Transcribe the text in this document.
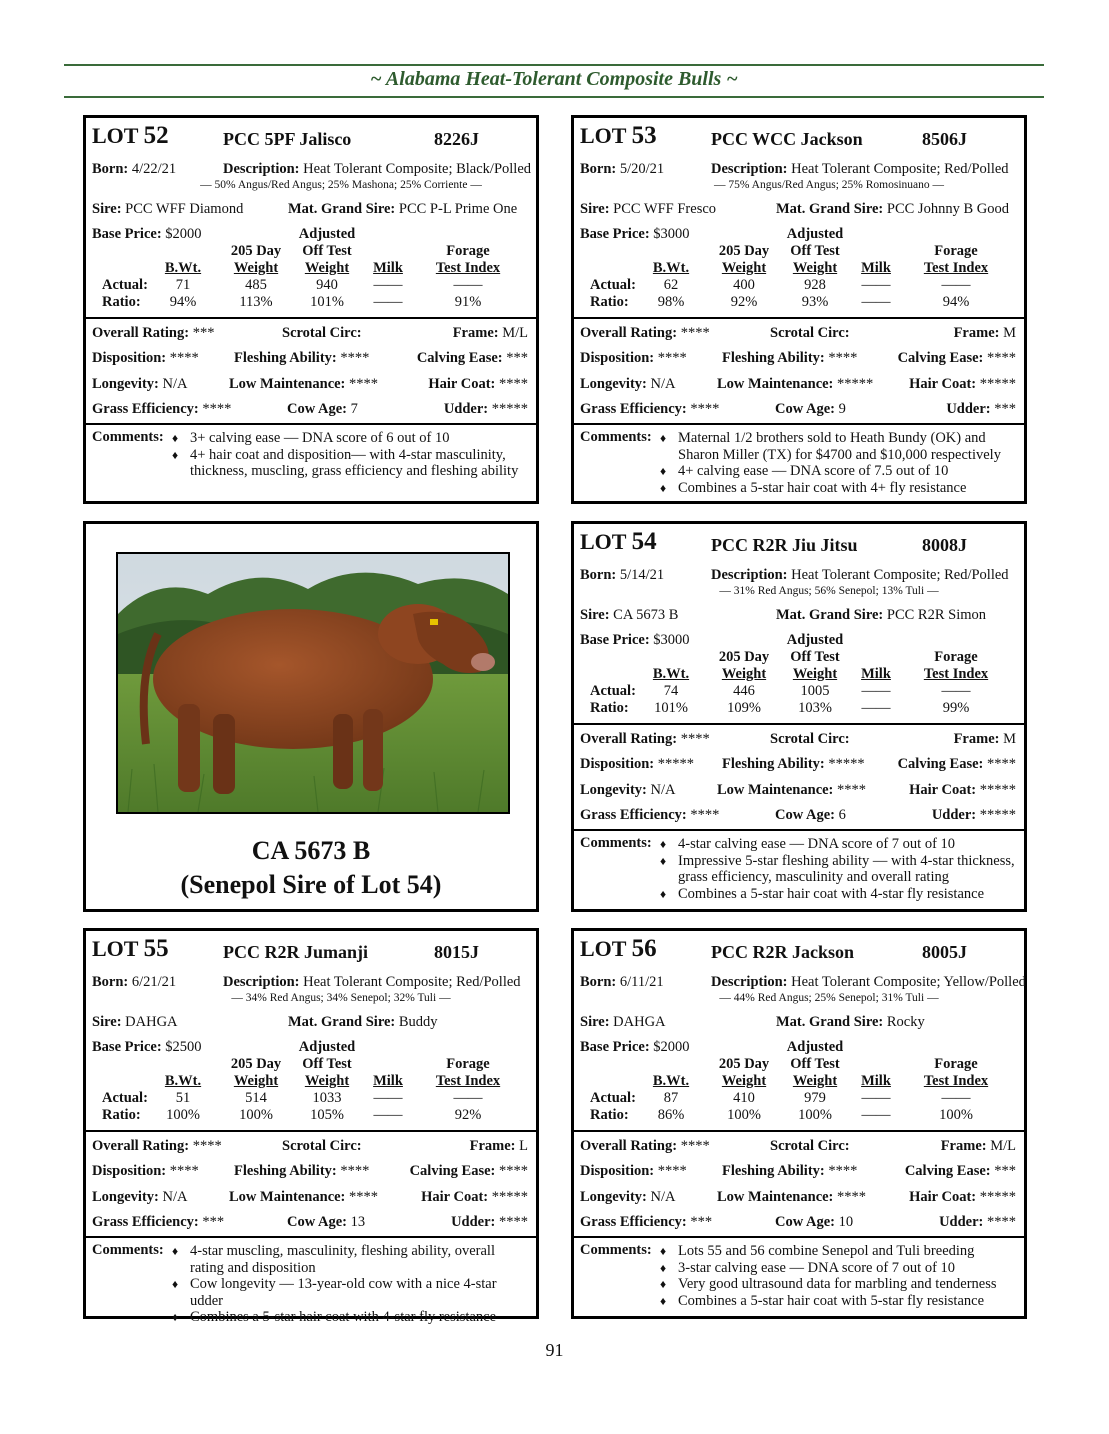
~ Alabama Heat-Tolerant Composite Bulls ~
LOT 52	PCC 5PF Jalisco	8226J
Born: 4/22/21	Description: Heat Tolerant Composite; Black/Polled
— 50% Angus/Red Angus; 25% Mashona; 25% Corriente —
Sire: PCC WFF Diamond	Mat. Grand Sire: PCC P-L Prime One
Base Price: $2000	Adjusted
205 Day	Off Test	Forage
B.Wt.	Weight	Weight	Milk	Test Index
Actual:	71	485	940	——	——
Ratio:	94%	113%	101%	——	91%
Overall Rating: ***	Scrotal Circ:	Frame: M/L
Disposition: **** Fleshing Ability: ****	Calving Ease: ***
Longevity: N/A	Low Maintenance: ****	Hair Coat: ****
Grass Efficiency: ****	Cow Age: 7	Udder: *****
Comments: ♦ 3+ calving ease — DNA score of 6 out of 10
♦ 4+ hair coat and disposition— with 4-star masculinity, thickness, muscling, grass efficiency and fleshing ability
LOT 53	PCC WCC Jackson	8506J
Born: 5/20/21	Description: Heat Tolerant Composite; Red/Polled
— 75% Angus/Red Angus; 25% Romosinuano —
Sire: PCC WFF Fresco	Mat. Grand Sire: PCC Johnny B Good
Base Price: $3000	Adjusted
205 Day	Off Test	Forage
B.Wt.	Weight	Weight	Milk	Test Index
Actual:	62	400	928	——	——
Ratio:	98%	92%	93%	——	94%
Overall Rating: ****	Scrotal Circ:	Frame: M
Disposition: **** Fleshing Ability: ****	Calving Ease: ****
Longevity: N/A	Low Maintenance: ***** Hair Coat: *****
Grass Efficiency: ****	Cow Age: 9	Udder: ***
Comments: ♦ Maternal 1/2 brothers sold to Heath Bundy (OK) and Sharon Miller (TX) for $4700 and $10,000 respectively
♦ 4+ calving ease — DNA score of 7.5 out of 10
♦ Combines a 5-star hair coat with 4+ fly resistance
LOT 54	PCC R2R Jiu Jitsu	8008J
Born: 5/14/21	Description: Heat Tolerant Composite; Red/Polled
— 31% Red Angus; 56% Senepol; 13% Tuli —
Sire: CA 5673 B	Mat. Grand Sire: PCC R2R Simon
Base Price: $3000	Adjusted
205 Day	Off Test	Forage
B.Wt.	Weight	Weight	Milk	Test Index
Actual:	74	446	1005	——	——
Ratio:	101%	109%	103%	——	99%
Overall Rating: ****	Scrotal Circ:	Frame: M
Disposition: ***** Fleshing Ability: ***** Calving Ease: ****
Longevity: N/A	Low Maintenance: ****	Hair Coat: *****
Grass Efficiency: ****	Cow Age: 6	Udder: *****
Comments: ♦ 4-star calving ease — DNA score of 7 out of 10
♦ Impressive 5-star fleshing ability — with 4-star thickness, grass efficiency, masculinity and overall rating
♦ Combines a 5-star hair coat with 4-star fly resistance
LOT 55	PCC R2R Jumanji	8015J
Born: 6/21/21	Description: Heat Tolerant Composite; Red/Polled
— 34% Red Angus; 34% Senepol; 32% Tuli —
Sire: DAHGA	Mat. Grand Sire: Buddy
Base Price: $2500	Adjusted
205 Day	Off Test	Forage
B.Wt.	Weight	Weight	Milk	Test Index
Actual:	51	514	1033	——	——
Ratio:	100%	100%	105%	——	92%
Overall Rating: ****	Scrotal Circ:	Frame: L
Disposition: **** Fleshing Ability: ****	Calving Ease: ****
Longevity: N/A	Low Maintenance: ****	Hair Coat: *****
Grass Efficiency: ***	Cow Age: 13	Udder: ****
Comments: ♦ 4-star muscling, masculinity, fleshing ability, overall rating and disposition
♦ Cow longevity — 13-year-old cow with a nice 4-star udder
♦ Combines a 5-star hair coat with 4-star fly resistance
LOT 56	PCC R2R Jackson	8005J
Born: 6/11/21	Description: Heat Tolerant Composite; Yellow/Polled
— 44% Red Angus; 25% Senepol; 31% Tuli —
Sire: DAHGA	Mat. Grand Sire: Rocky
Base Price: $2000	Adjusted
205 Day	Off Test	Forage
B.Wt.	Weight	Weight	Milk	Test Index
Actual:	87	410	979	——	——
Ratio:	86%	100%	100%	——	100%
Overall Rating: ****	Scrotal Circ:	Frame: M/L
Disposition: **** Fleshing Ability: ****	Calving Ease: ***
Longevity: N/A	Low Maintenance: ****	Hair Coat: *****
Grass Efficiency: ***	Cow Age: 10	Udder: ****
Comments: ♦ Lots 55 and 56 combine Senepol and Tuli breeding
♦ 3-star calving ease — DNA score of 7 out of 10
♦ Very good ultrasound data for marbling and tenderness
♦ Combines a 5-star hair coat with 5-star fly resistance
CA 5673 B
(Senepol Sire of Lot 54)
91
